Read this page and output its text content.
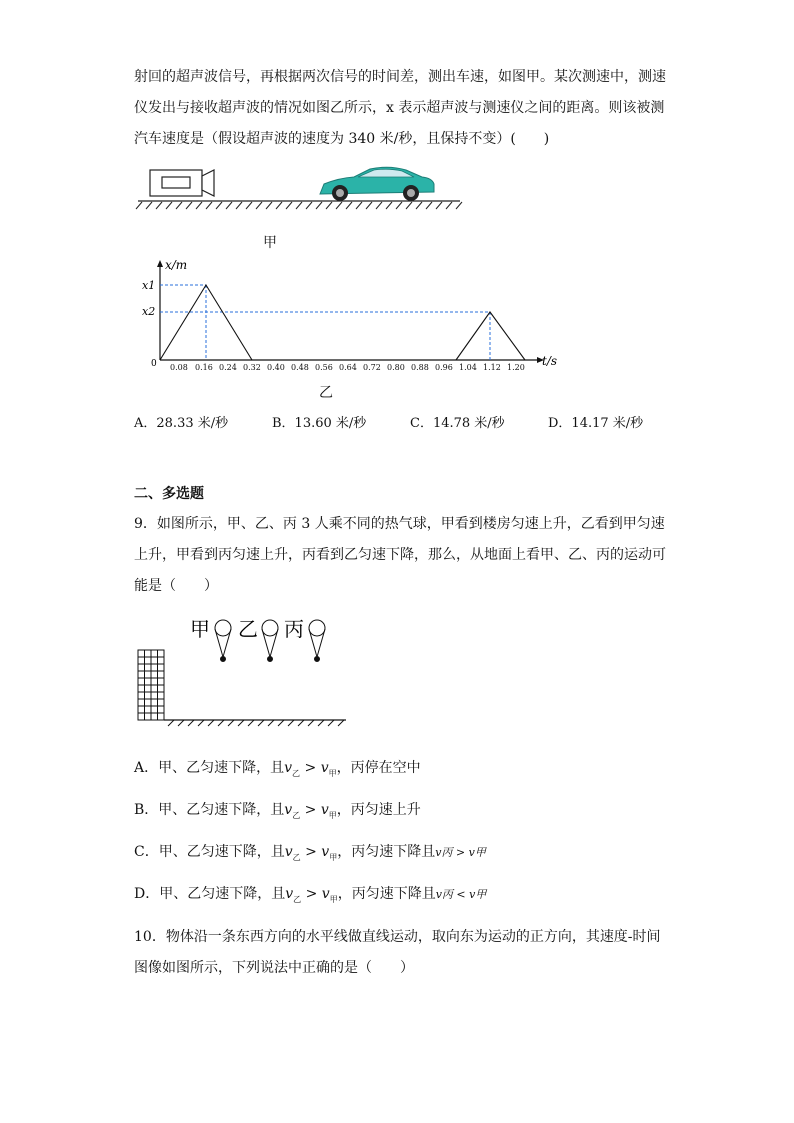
射回的超声波信号，再根据两次信号的时间差，测出车速，如图甲。某次测速中，测速
仪发出与接收超声波的情况如图乙所示，x 表示超声波与测速仪之间的距离。则该被测
汽车速度是（假设超声波的速度为 340 米/秒，且保持不变）(　　)
甲
x/m
t/s
0
x1
x2
0.08 0.16 0.24 0.32 0.40 0.48 0.56 0.64 0.72 0.80 0.88 0.96 1.04 1.12 1.20
乙
A．28.33 米/秒	B．13.60 米/秒	C．14.78 米/秒	D．14.17 米/秒
二、多选题
9．如图所示，甲、乙、丙 3 人乘不同的热气球，甲看到楼房匀速上升，乙看到甲匀速
上升，甲看到丙匀速上升，丙看到乙匀速下降，那么，从地面上看甲、乙、丙的运动可
能是（　　）
甲 乙 丙
A．甲、乙匀速下降，且$v_乙 > v_甲$，丙停在空中
B．甲、乙匀速下降，且$v_乙 > v_甲$，丙匀速上升
C．甲、乙匀速下降，且$v_乙 > v_甲$，丙匀速下降且v丙 > v甲
D．甲、乙匀速下降，且$v_乙 > v_甲$，丙匀速下降且v丙 < v甲
10．物体沿一条东西方向的水平线做直线运动，取向东为运动的正方向，其速度-时间
图像如图所示，下列说法中正确的是（　　）
